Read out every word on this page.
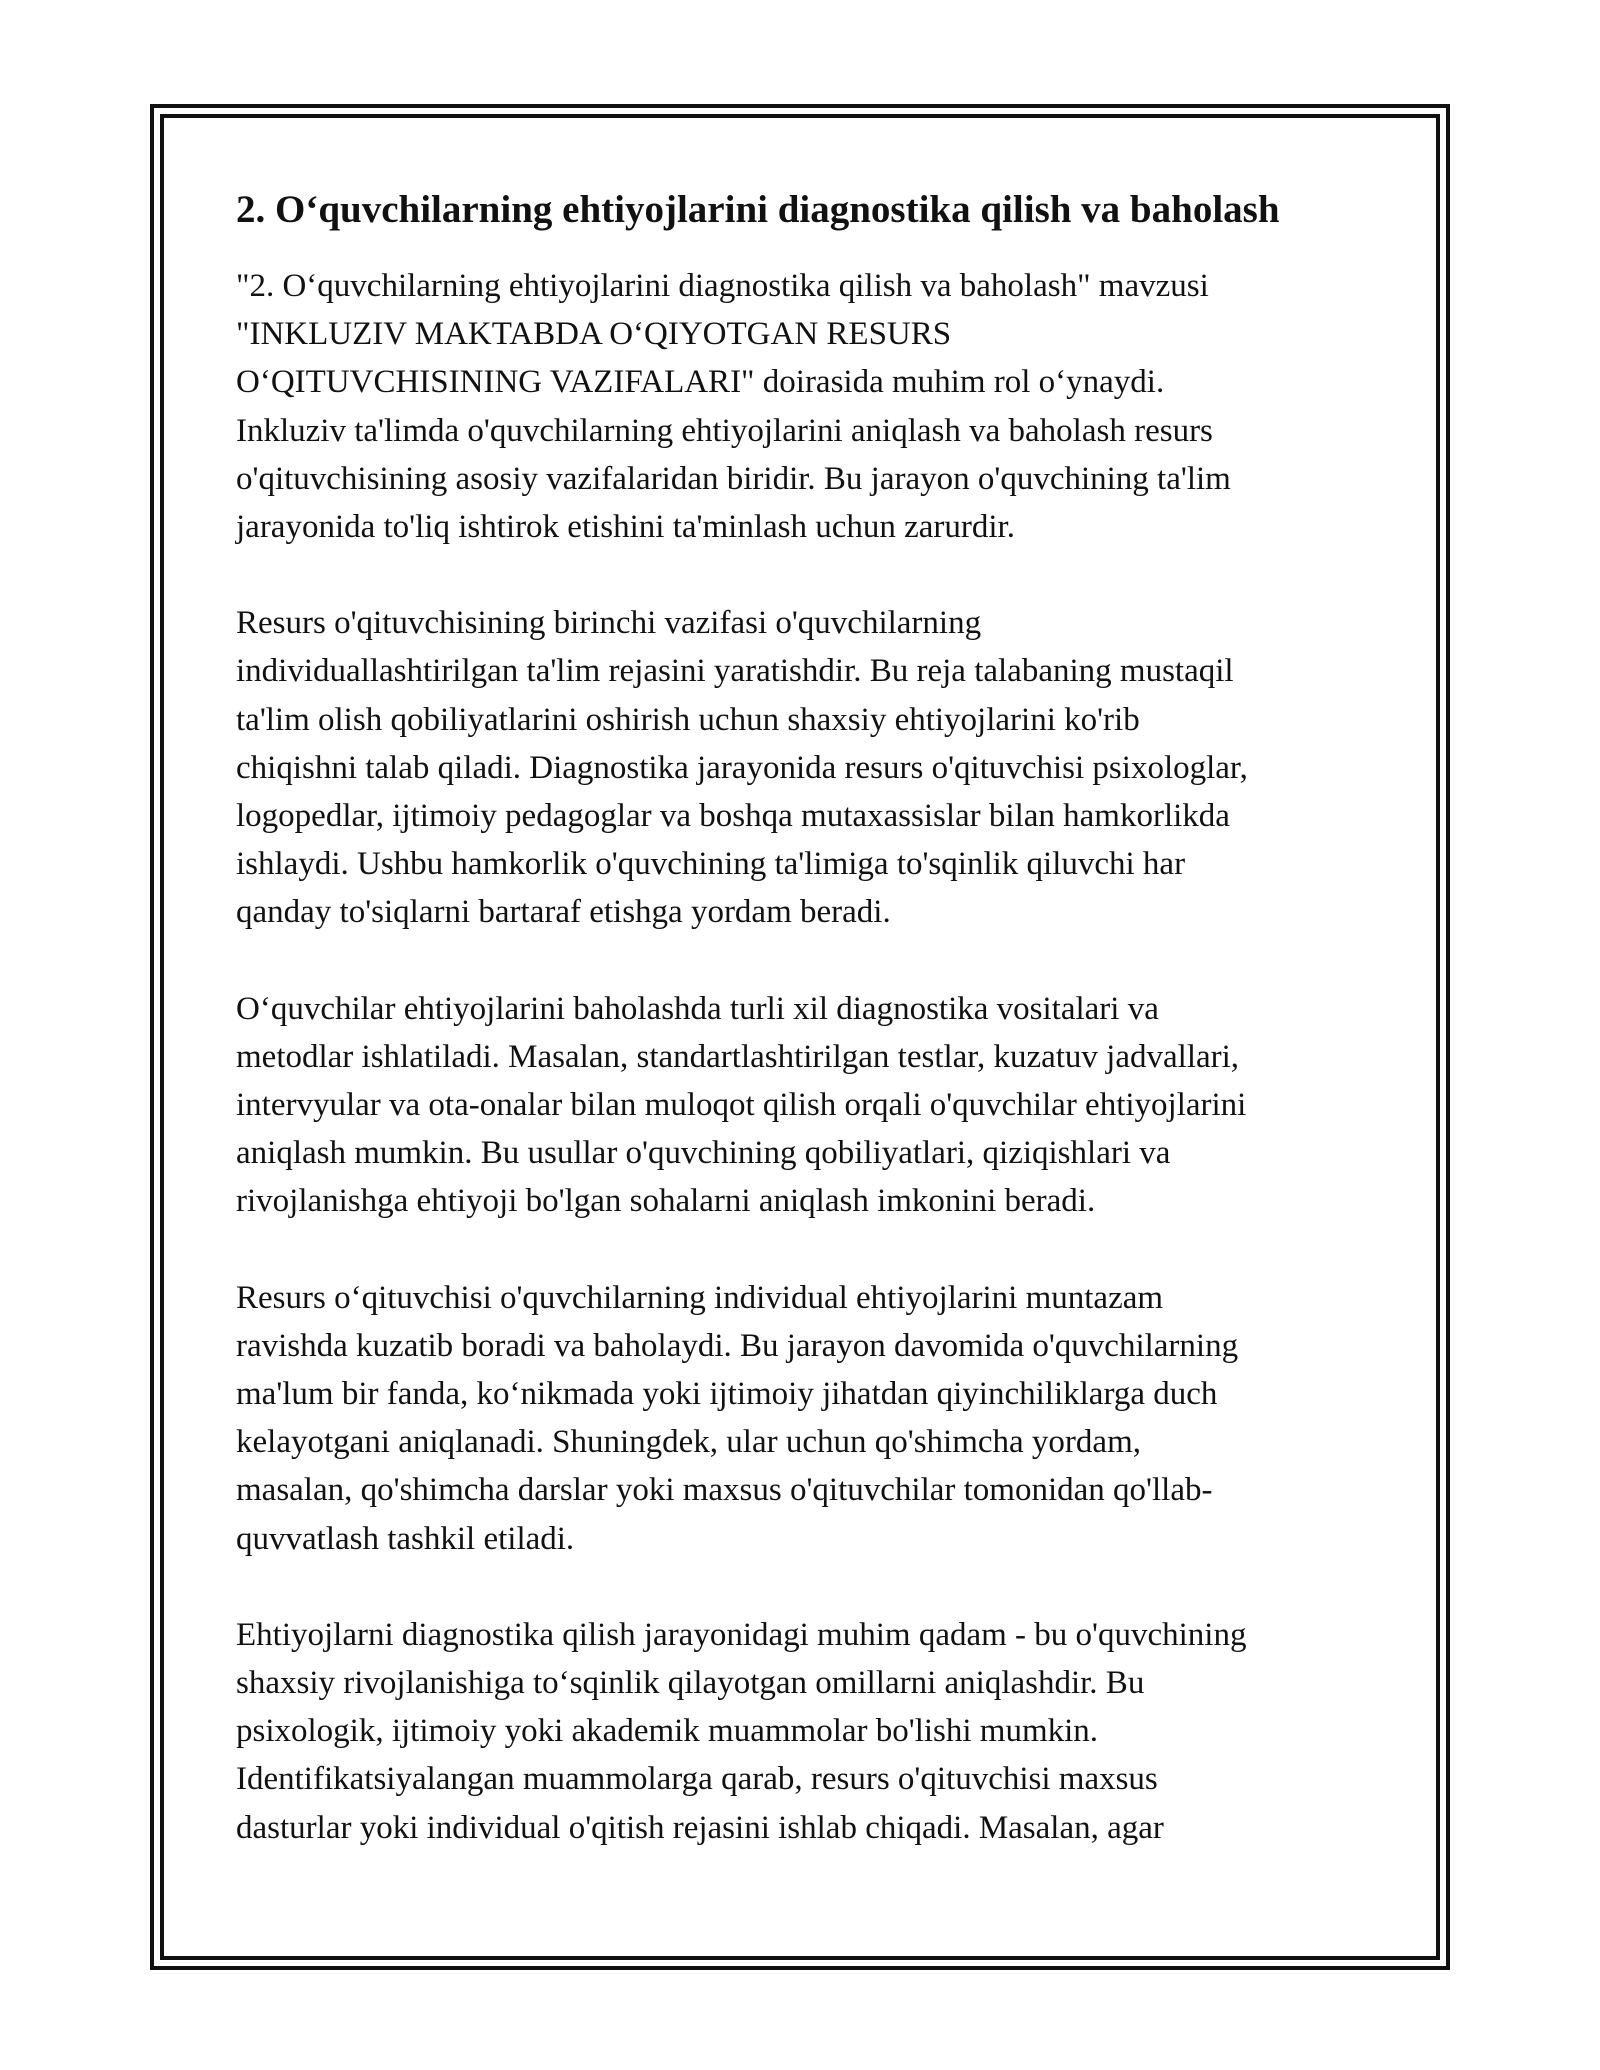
2. O‘quvchilarning ehtiyojlarini diagnostika qilish va baholash

"2. O‘quvchilarning ehtiyojlarini diagnostika qilish va baholash" mavzusi
"INKLUZIV MAKTABDA O‘QIYOTGAN RESURS
O‘QITUVCHISINING VAZIFALARI" doirasida muhim rol o‘ynaydi.
Inkluziv ta'limda o'quvchilarning ehtiyojlarini aniqlash va baholash resurs
o'qituvchisining asosiy vazifalaridan biridir. Bu jarayon o'quvchining ta'lim
jarayonida to'liq ishtirok etishini ta'minlash uchun zarurdir.

Resurs o'qituvchisining birinchi vazifasi o'quvchilarning
individuallashtirilgan ta'lim rejasini yaratishdir. Bu reja talabaning mustaqil
ta'lim olish qobiliyatlarini oshirish uchun shaxsiy ehtiyojlarini ko'rib
chiqishni talab qiladi. Diagnostika jarayonida resurs o'qituvchisi psixologlar,
logopedlar, ijtimoiy pedagoglar va boshqa mutaxassislar bilan hamkorlikda
ishlaydi. Ushbu hamkorlik o'quvchining ta'limiga to'sqinlik qiluvchi har
qanday to'siqlarni bartaraf etishga yordam beradi.

O‘quvchilar ehtiyojlarini baholashda turli xil diagnostika vositalari va
metodlar ishlatiladi. Masalan, standartlashtirilgan testlar, kuzatuv jadvallari,
intervyular va ota-onalar bilan muloqot qilish orqali o'quvchilar ehtiyojlarini
aniqlash mumkin. Bu usullar o'quvchining qobiliyatlari, qiziqishlari va
rivojlanishga ehtiyoji bo'lgan sohalarni aniqlash imkonini beradi.

Resurs o‘qituvchisi o'quvchilarning individual ehtiyojlarini muntazam
ravishda kuzatib boradi va baholaydi. Bu jarayon davomida o'quvchilarning
ma'lum bir fanda, ko‘nikmada yoki ijtimoiy jihatdan qiyinchiliklarga duch
kelayotgani aniqlanadi. Shuningdek, ular uchun qo'shimcha yordam,
masalan, qo'shimcha darslar yoki maxsus o'qituvchilar tomonidan qo'llab-
quvvatlash tashkil etiladi.

Ehtiyojlarni diagnostika qilish jarayonidagi muhim qadam - bu o'quvchining
shaxsiy rivojlanishiga to‘sqinlik qilayotgan omillarni aniqlashdir. Bu
psixologik, ijtimoiy yoki akademik muammolar bo'lishi mumkin.
Identifikatsiyalangan muammolarga qarab, resurs o'qituvchisi maxsus
dasturlar yoki individual o'qitish rejasini ishlab chiqadi. Masalan, agar
